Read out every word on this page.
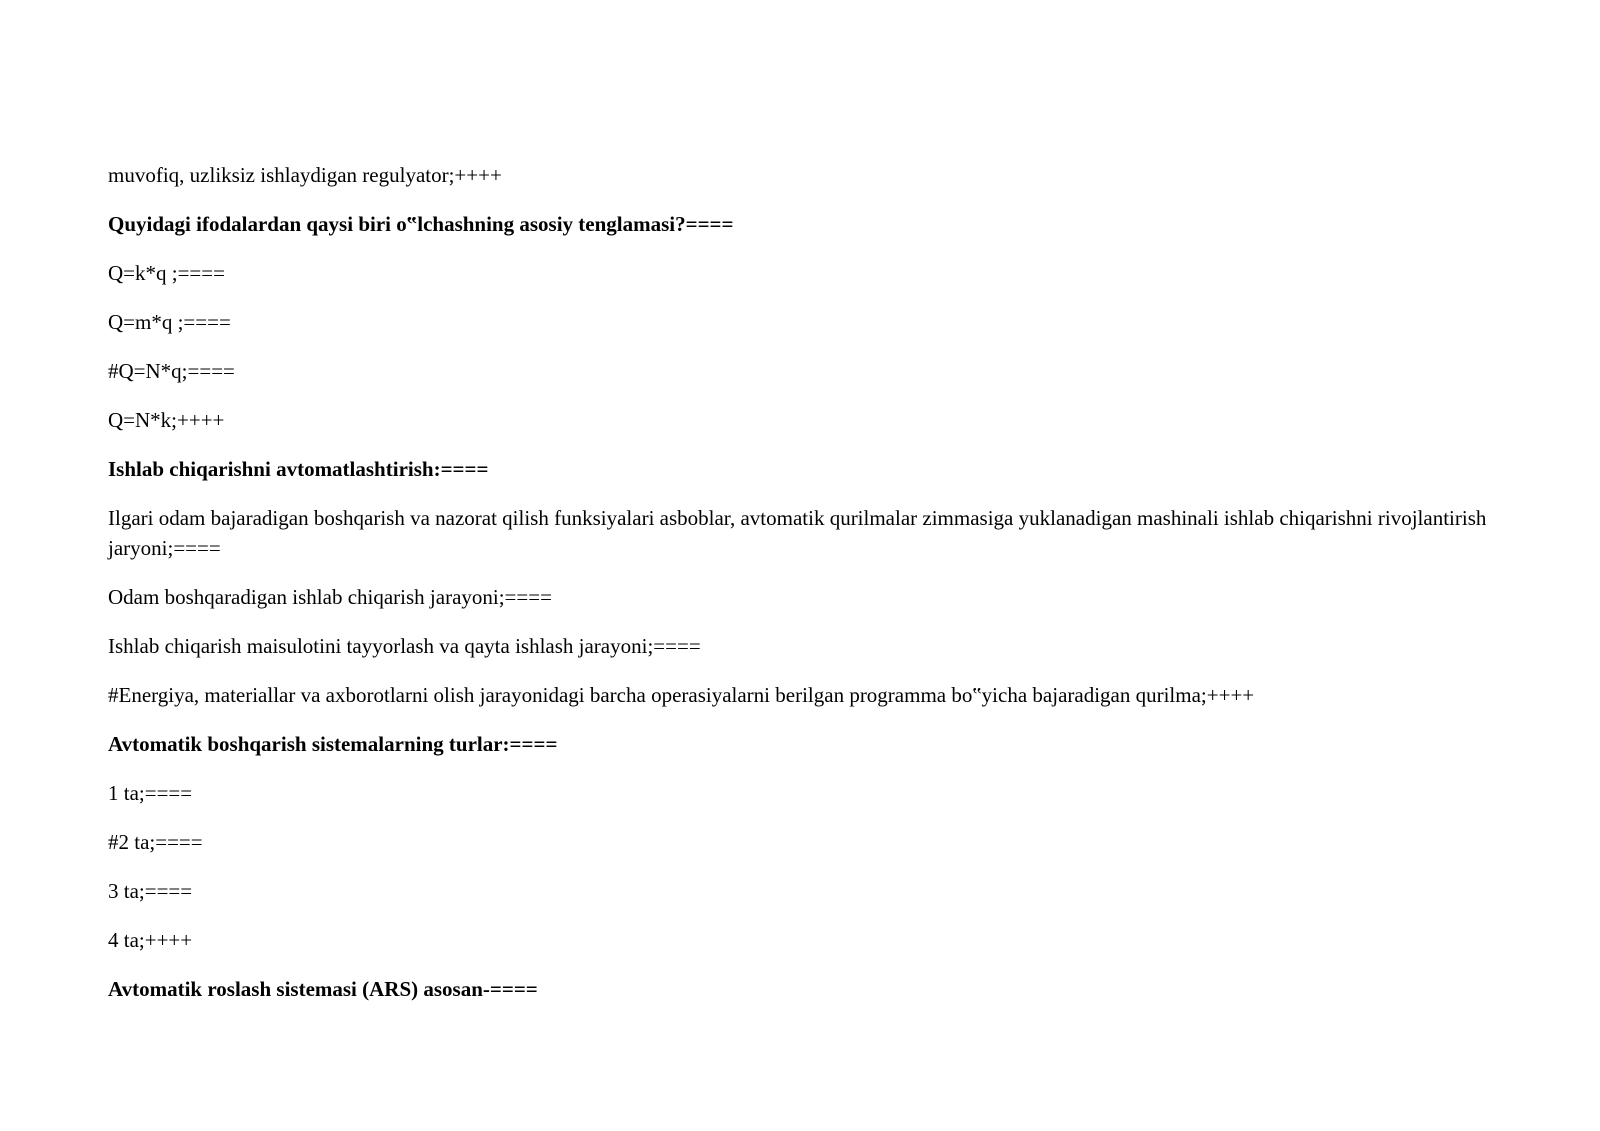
muvofiq, uzliksiz ishlaydigan regulyator;++++

Quyidagi ifodalardan qaysi biri o‟lchashning asosiy tenglamasi?====

Q=k*q ;====

Q=m*q ;====

#Q=N*q;====

Q=N*k;++++

Ishlab chiqarishni avtomatlashtirish:====

Ilgari odam bajaradigan boshqarish va nazorat qilish funksiyalari asboblar, avtomatik qurilmalar zimmasiga yuklanadigan mashinali ishlab chiqarishni rivojlantirish jaryoni;====

Odam boshqaradigan ishlab chiqarish jarayoni;====

Ishlab chiqarish maisulotini tayyorlash va qayta ishlash jarayoni;====

#Energiya, materiallar va axborotlarni olish jarayonidagi barcha operasiyalarni berilgan programma bo‟yicha bajaradigan qurilma;++++

Avtomatik boshqarish sistemalarning turlar:====

1 ta;====

#2 ta;====

3 ta;====

4 ta;++++

Avtomatik roslash sistemasi (ARS) asosan-====
